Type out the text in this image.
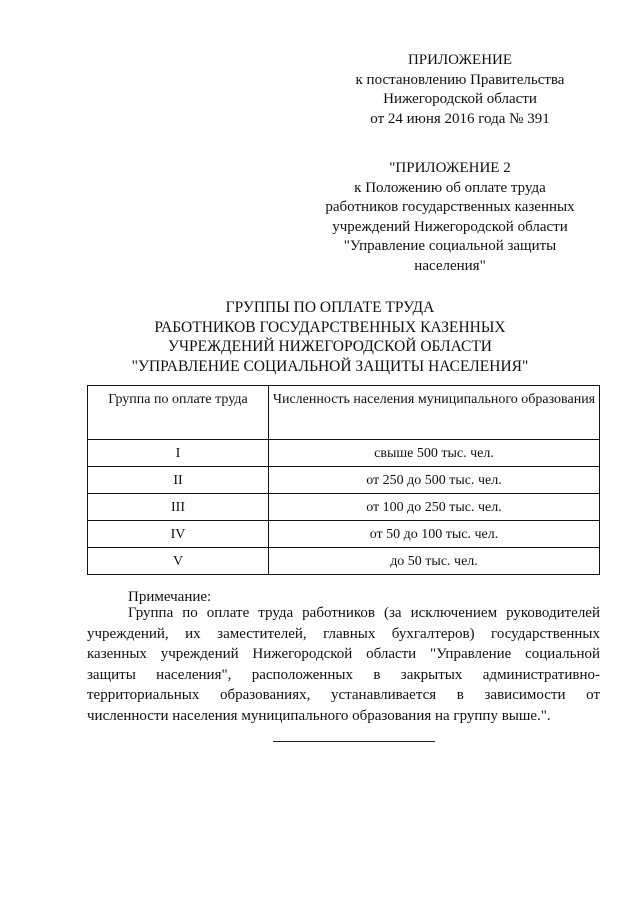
ПРИЛОЖЕНИЕ
к постановлению Правительства
Нижегородской области
от 24 июня 2016 года № 391
"ПРИЛОЖЕНИЕ 2
к Положению об оплате труда
работников государственных казенных
учреждений Нижегородской области
"Управление социальной защиты
населения"
ГРУППЫ ПО ОПЛАТЕ ТРУДА
РАБОТНИКОВ ГОСУДАРСТВЕННЫХ КАЗЕННЫХ
УЧРЕЖДЕНИЙ НИЖЕГОРОДСКОЙ ОБЛАСТИ
"УПРАВЛЕНИЕ СОЦИАЛЬНОЙ ЗАЩИТЫ НАСЕЛЕНИЯ"
Группа по оплате труда	Численность населения муниципального образования
I	свыше 500 тыс. чел.
II	от 250 до 500 тыс. чел.
III	от 100 до 250 тыс. чел.
IV	от 50 до 100 тыс. чел.
V	до 50 тыс. чел.
Примечание:
Группа по оплате труда работников (за исключением руководителей учреждений, их заместителей, главных бухгалтеров) государственных казенных учреждений Нижегородской области "Управление социальной защиты населения", расположенных в закрытых административно-территориальных образованиях, устанавливается в зависимости от численности населения муниципального образования на группу выше.".
